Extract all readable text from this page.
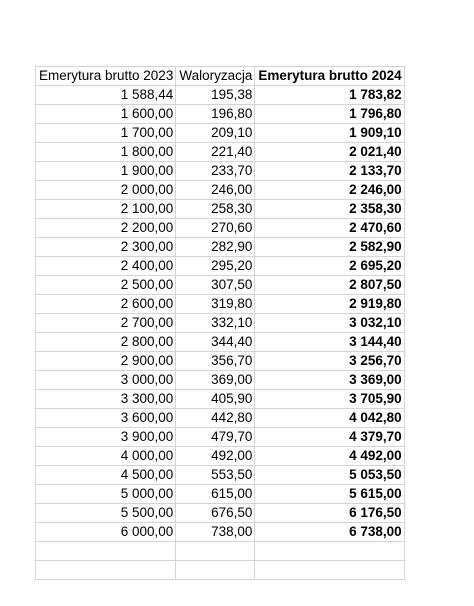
Emerytura brutto 2023	Waloryzacja	Emerytura brutto 2024
1 588,44	195,38	1 783,82
1 600,00	196,80	1 796,80
1 700,00	209,10	1 909,10
1 800,00	221,40	2 021,40
1 900,00	233,70	2 133,70
2 000,00	246,00	2 246,00
2 100,00	258,30	2 358,30
2 200,00	270,60	2 470,60
2 300,00	282,90	2 582,90
2 400,00	295,20	2 695,20
2 500,00	307,50	2 807,50
2 600,00	319,80	2 919,80
2 700,00	332,10	3 032,10
2 800,00	344,40	3 144,40
2 900,00	356,70	3 256,70
3 000,00	369,00	3 369,00
3 300,00	405,90	3 705,90
3 600,00	442,80	4 042,80
3 900,00	479,70	4 379,70
4 000,00	492,00	4 492,00
4 500,00	553,50	5 053,50
5 000,00	615,00	5 615,00
5 500,00	676,50	6 176,50
6 000,00	738,00	6 738,00
